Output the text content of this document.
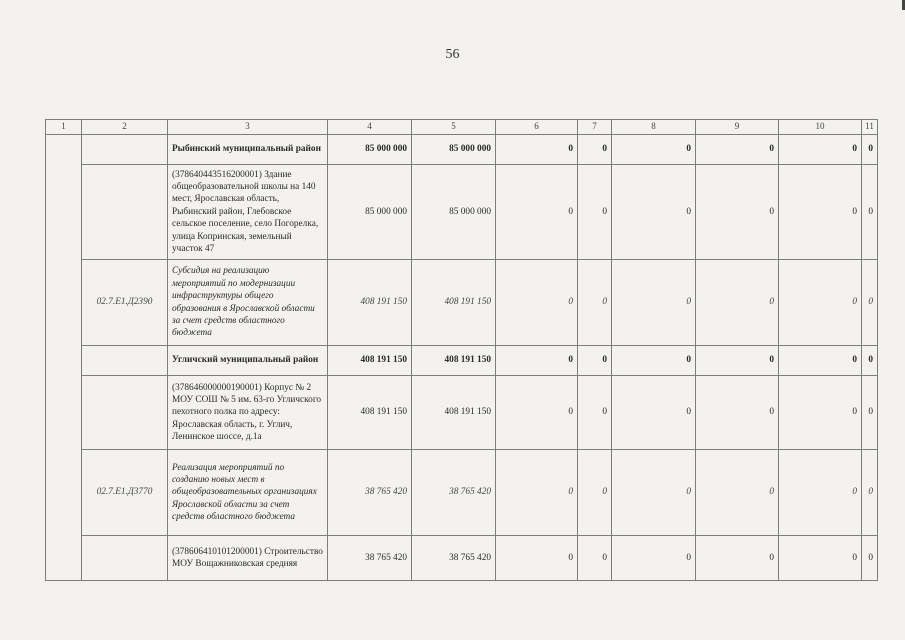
56
1	2	3	4	5	6	7	8	9	10	11
		Рыбинский муниципальный район	85 000 000	85 000 000	0	0	0	0	0	0
		(378640443516200001) Здание общеобразовательной школы на 140 мест, Ярославская область, Рыбинский район, Глебовское сельское поселение, село Погорелка, улица Копринская, земельный участок 47	85 000 000	85 000 000	0	0	0	0	0	0
	02.7.Е1.Д2390	Субсидия на реализацию мероприятий по модернизации инфраструктуры общего образования в Ярославской области за счет средств областного бюджета	408 191 150	408 191 150	0	0	0	0	0	0
		Угличский муниципальный район	408 191 150	408 191 150	0	0	0	0	0	0
		(378646000000190001) Корпус № 2 МОУ СОШ № 5 им. 63-го Угличского пехотного полка по адресу: Ярославская область, г. Углич, Ленинское шоссе, д.1а	408 191 150	408 191 150	0	0	0	0	0	0
	02.7.Е1.Д3770	Реализация мероприятий по созданию новых мест в общеобразовательных организациях Ярославской области за счет средств областного бюджета	38 765 420	38 765 420	0	0	0	0	0	0
		(378606410101200001) Строительство МОУ Вощажниковская средняя	38 765 420	38 765 420	0	0	0	0	0	0
